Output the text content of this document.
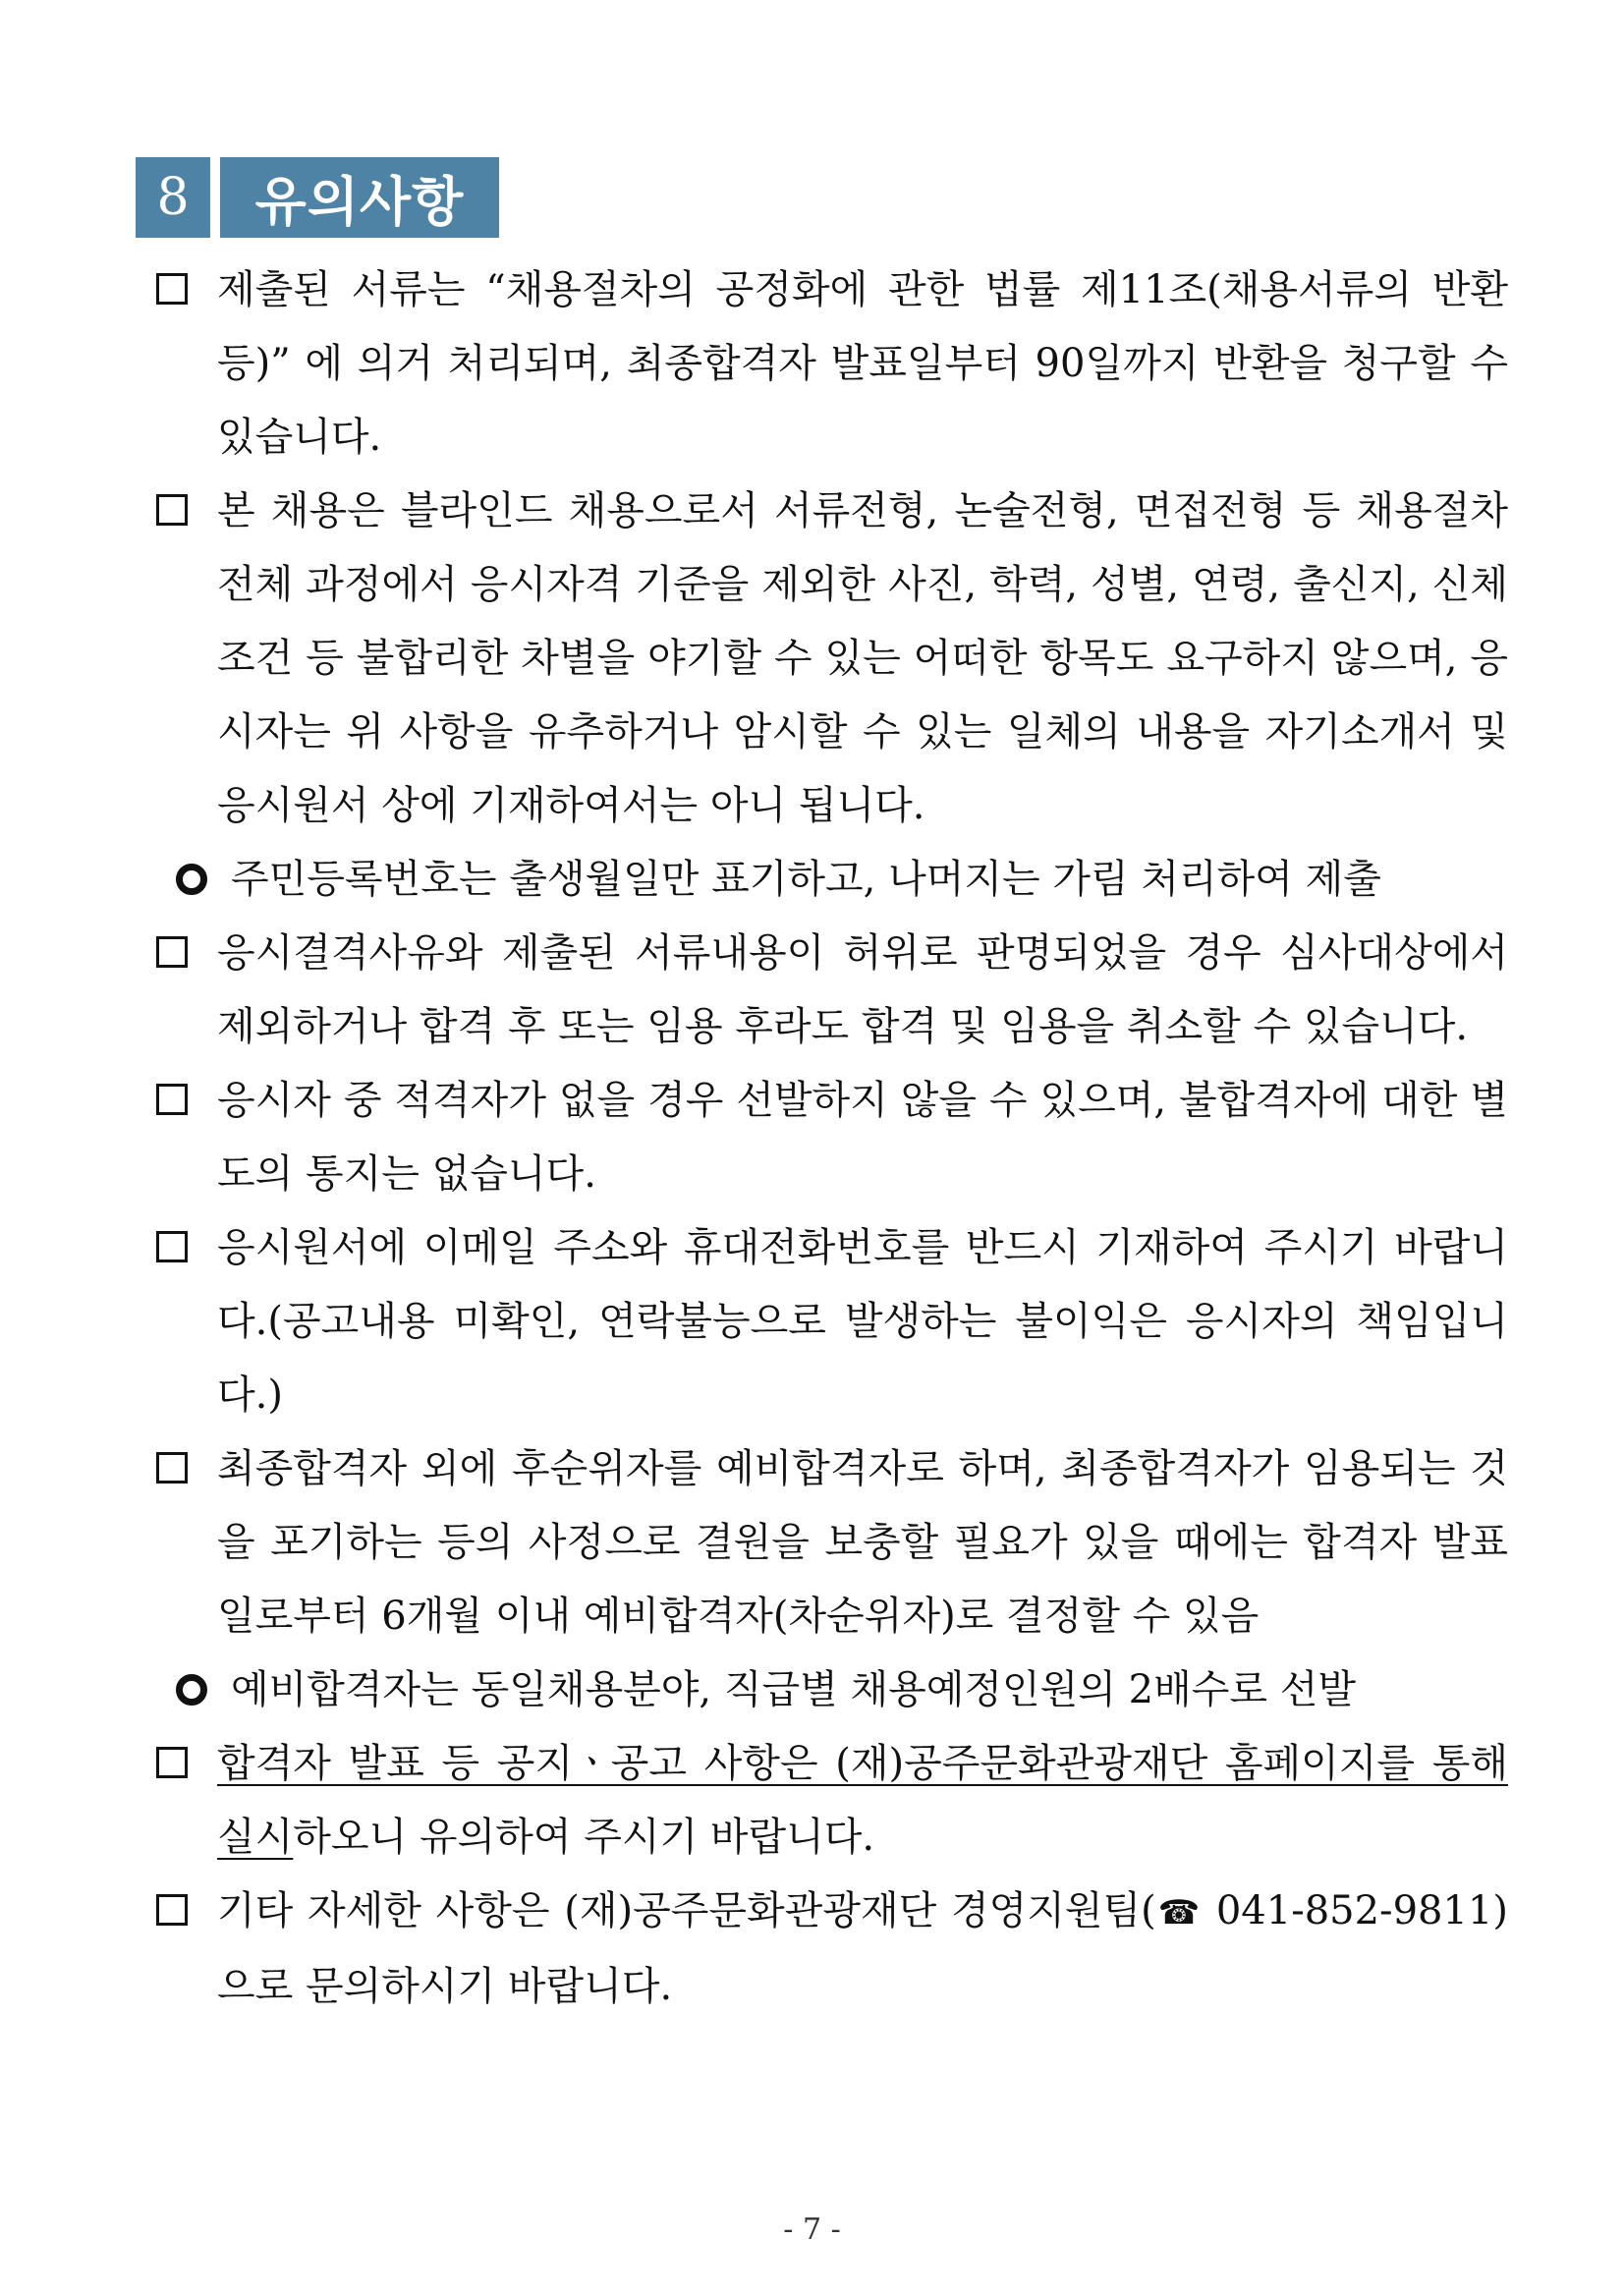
8	유의사항
제출된 서류는 “채용절차의 공정화에 관한 법률 제11조(채용서류의 반환 등)” 에 의거 처리되며, 최종합격자 발표일부터 90일까지 반환을 청구할 수 있습니다.
본 채용은 블라인드 채용으로서 서류전형, 논술전형, 면접전형 등 채용절차 전체 과정에서 응시자격 기준을 제외한 사진, 학력, 성별, 연령, 출신지, 신체조건 등 불합리한 차별을 야기할 수 있는 어떠한 항목도 요구하지 않으며, 응시자는 위 사항을 유추하거나 암시할 수 있는 일체의 내용을 자기소개서 및 응시원서 상에 기재하여서는 아니 됩니다.
주민등록번호는 출생월일만 표기하고, 나머지는 가림 처리하여 제출
응시결격사유와 제출된 서류내용이 허위로 판명되었을 경우 심사대상에서 제외하거나 합격 후 또는 임용 후라도 합격 및 임용을 취소할 수 있습니다.
응시자 중 적격자가 없을 경우 선발하지 않을 수 있으며, 불합격자에 대한 별도의 통지는 없습니다.
응시원서에 이메일 주소와 휴대전화번호를 반드시 기재하여 주시기 바랍니다.(공고내용 미확인, 연락불능으로 발생하는 불이익은 응시자의 책임입니다.)
최종합격자 외에 후순위자를 예비합격자로 하며, 최종합격자가 임용되는 것을 포기하는 등의 사정으로 결원을 보충할 필요가 있을 때에는 합격자 발표일로부터 6개월 이내 예비합격자(차순위자)로 결정할 수 있음
예비합격자는 동일채용분야, 직급별 채용예정인원의 2배수로 선발
합격자 발표 등 공지ㆍ공고 사항은 (재)공주문화관광재단 홈페이지를 통해 실시하오니 유의하여 주시기 바랍니다.
기타 자세한 사항은 (재)공주문화관광재단 경영지원팀(☎ 041-852-9811) 으로 문의하시기 바랍니다.
- 7 -
